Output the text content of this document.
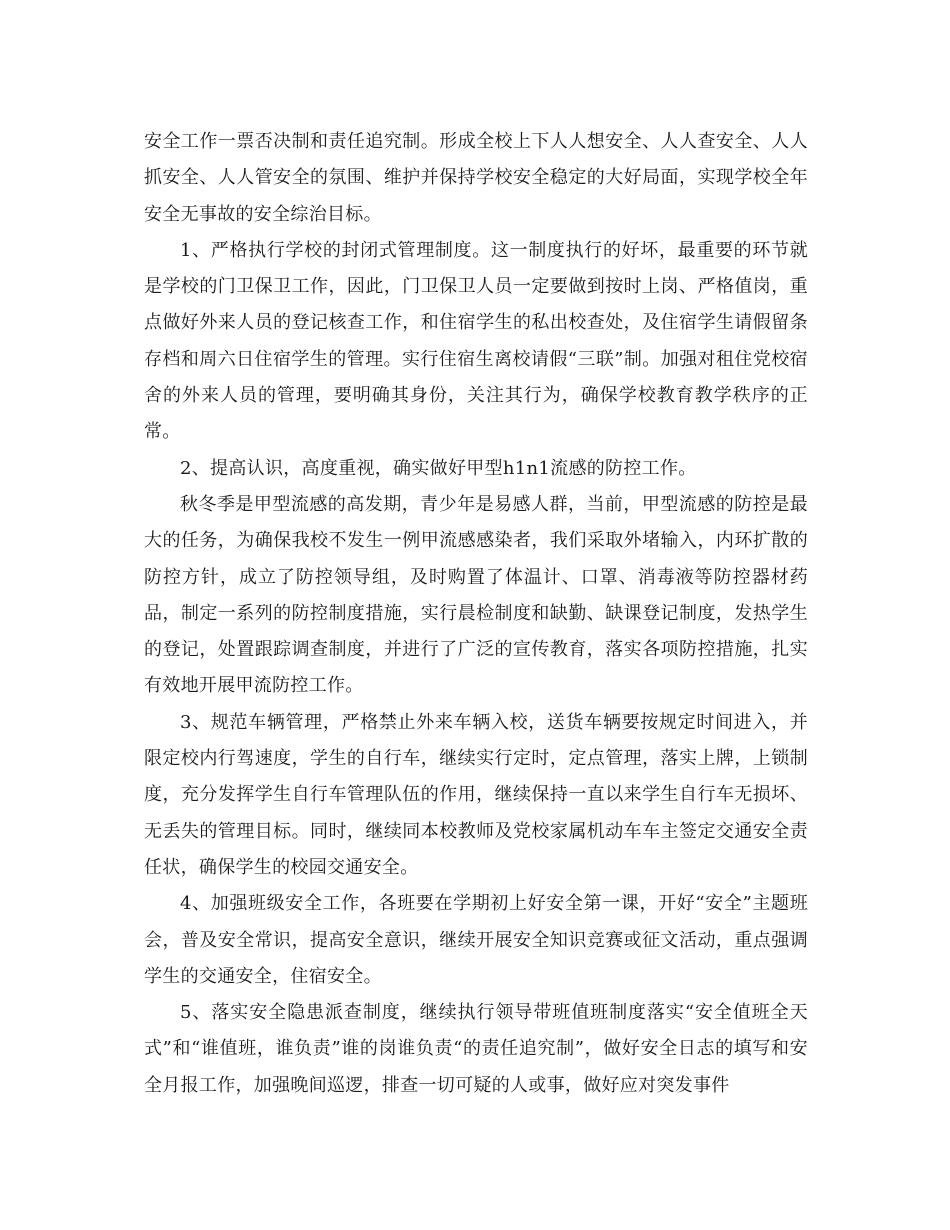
安全工作一票否决制和责任追究制。形成全校上下人人想安全、人人查安全、人人抓安全、人人管安全的氛围、维护并保持学校安全稳定的大好局面，实现学校全年安全无事故的安全综治目标。

1、严格执行学校的封闭式管理制度。这一制度执行的好坏，最重要的环节就是学校的门卫保卫工作，因此，门卫保卫人员一定要做到按时上岗、严格值岗，重点做好外来人员的登记核查工作，和住宿学生的私出校查处，及住宿学生请假留条存档和周六日住宿学生的管理。实行住宿生离校请假“三联”制。加强对租住党校宿舍的外来人员的管理，要明确其身份，关注其行为，确保学校教育教学秩序的正常。

2、提高认识，高度重视，确实做好甲型h1n1流感的防控工作。

秋冬季是甲型流感的高发期，青少年是易感人群，当前，甲型流感的防控是最大的任务，为确保我校不发生一例甲流感感染者，我们采取外堵输入，内环扩散的防控方针，成立了防控领导组，及时购置了体温计、口罩、消毒液等防控器材药品，制定一系列的防控制度措施，实行晨检制度和缺勤、缺课登记制度，发热学生的登记，处置跟踪调查制度，并进行了广泛的宣传教育，落实各项防控措施，扎实有效地开展甲流防控工作。

3、规范车辆管理，严格禁止外来车辆入校，送货车辆要按规定时间进入，并限定校内行驾速度，学生的自行车，继续实行定时，定点管理，落实上牌，上锁制度，充分发挥学生自行车管理队伍的作用，继续保持一直以来学生自行车无损坏、无丢失的管理目标。同时，继续同本校教师及党校家属机动车车主签定交通安全责任状，确保学生的校园交通安全。

4、加强班级安全工作，各班要在学期初上好安全第一课，开好“安全”主题班会，普及安全常识，提高安全意识，继续开展安全知识竞赛或征文活动，重点强调学生的交通安全，住宿安全。

5、落实安全隐患派查制度，继续执行领导带班值班制度落实“安全值班全天式”和“谁值班，谁负责”谁的岗谁负责“的责任追究制”，做好安全日志的填写和安全月报工作，加强晚间巡逻，排查一切可疑的人或事，做好应对突发事件
